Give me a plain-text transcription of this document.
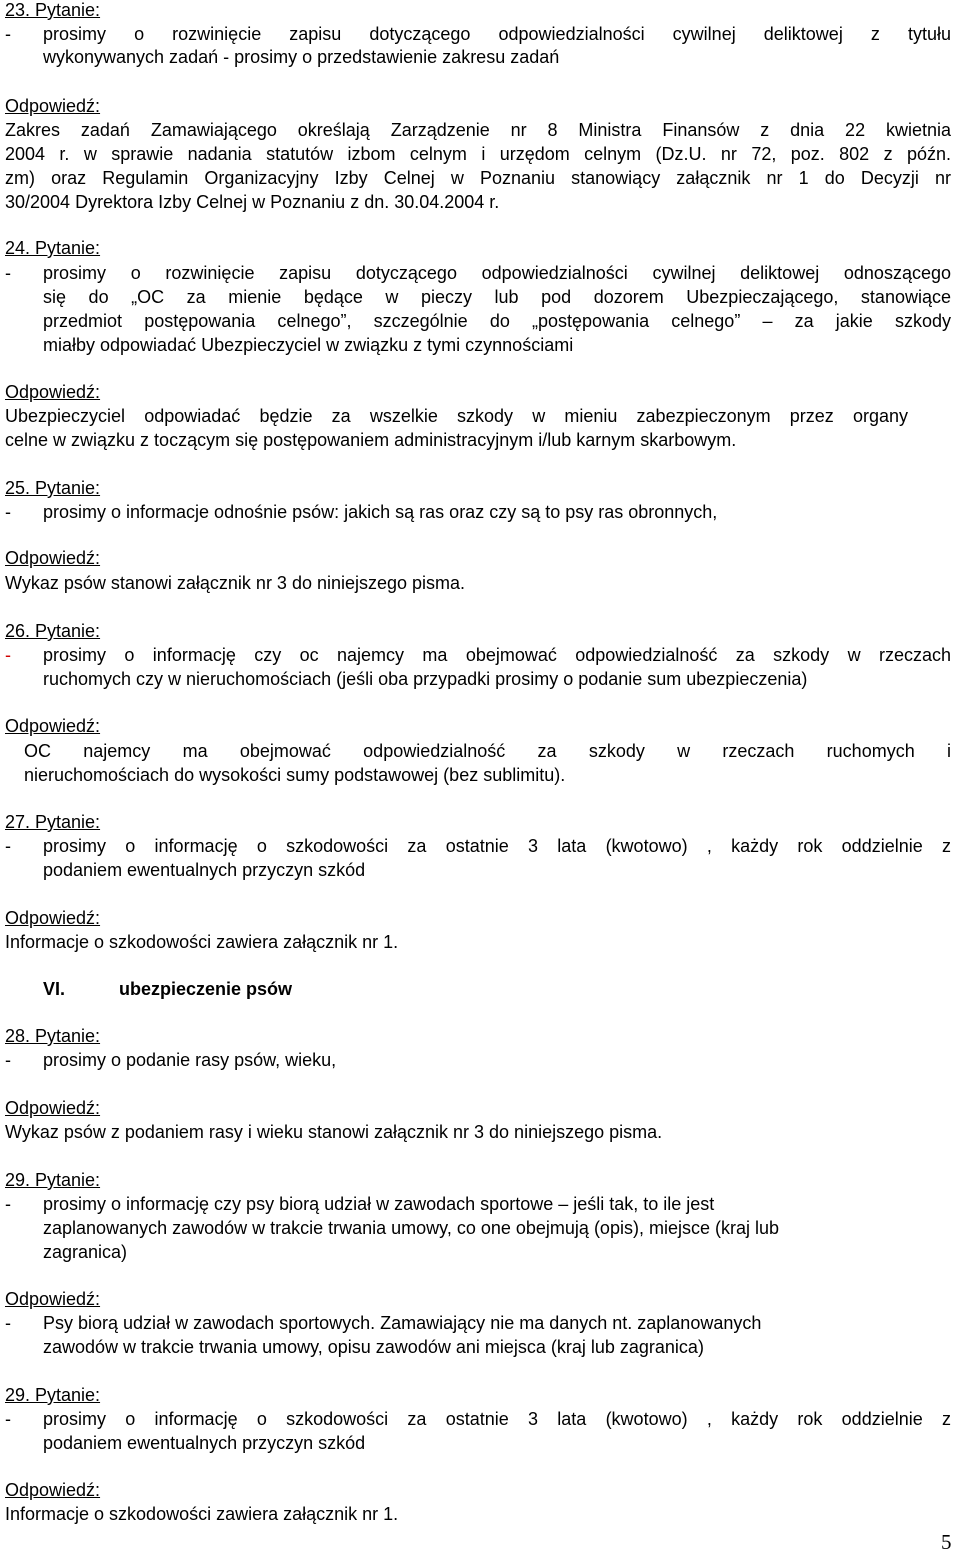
23. Pytanie:
- prosimy o rozwinięcie zapisu dotyczącego odpowiedzialności cywilnej deliktowej z tytułu
wykonywanych zadań - prosimy o przedstawienie zakresu zadań
Odpowiedź:
Zakres zadań Zamawiającego określają Zarządzenie nr 8 Ministra Finansów z dnia 22 kwietnia
2004 r. w sprawie nadania statutów izbom celnym i urzędom celnym (Dz.U. nr 72, poz. 802 z późn.
zm) oraz Regulamin Organizacyjny Izby Celnej w Poznaniu stanowiący załącznik nr 1 do Decyzji nr
30/2004 Dyrektora Izby Celnej w Poznaniu z dn. 30.04.2004 r.
24. Pytanie:
- prosimy o rozwinięcie zapisu dotyczącego odpowiedzialności cywilnej deliktowej odnoszącego
się do „OC za mienie będące w pieczy lub pod dozorem Ubezpieczającego, stanowiące
przedmiot postępowania celnego”, szczególnie do „postępowania celnego” – za jakie szkody
miałby odpowiadać Ubezpieczyciel w związku z tymi czynnościami
Odpowiedź:
Ubezpieczyciel odpowiadać będzie za wszelkie szkody w mieniu zabezpieczonym przez organy
celne w związku z toczącym się postępowaniem administracyjnym i/lub karnym skarbowym.
25. Pytanie:
- prosimy o informacje odnośnie psów: jakich są ras oraz czy są to psy ras obronnych,
Odpowiedź:
Wykaz psów stanowi załącznik nr 3 do niniejszego pisma.
26. Pytanie:
- prosimy o informację czy oc najemcy ma obejmować odpowiedzialność za szkody w rzeczach
ruchomych czy w nieruchomościach (jeśli oba przypadki prosimy o podanie sum ubezpieczenia)
Odpowiedź:
OC najemcy ma obejmować odpowiedzialność za szkody w rzeczach ruchomych i
nieruchomościach do wysokości sumy podstawowej (bez sublimitu).
27. Pytanie:
- prosimy o informację o szkodowości za ostatnie 3 lata (kwotowo) , każdy rok oddzielnie z
podaniem ewentualnych przyczyn szkód
Odpowiedź:
Informacje o szkodowości zawiera załącznik nr 1.
VI.	ubezpieczenie psów
28. Pytanie:
- prosimy o podanie rasy psów, wieku,
Odpowiedź:
Wykaz psów z podaniem rasy i wieku stanowi załącznik nr 3 do niniejszego pisma.
29. Pytanie:
- prosimy o informację czy psy biorą udział w zawodach sportowe – jeśli tak, to ile jest
zaplanowanych zawodów w trakcie trwania umowy, co one obejmują (opis), miejsce (kraj lub
zagranica)
Odpowiedź:
- Psy biorą udział w zawodach sportowych. Zamawiający nie ma danych nt. zaplanowanych
zawodów w trakcie trwania umowy, opisu zawodów ani miejsca (kraj lub zagranica)
29. Pytanie:
- prosimy o informację o szkodowości za ostatnie 3 lata (kwotowo) , każdy rok oddzielnie z
podaniem ewentualnych przyczyn szkód
Odpowiedź:
Informacje o szkodowości zawiera załącznik nr 1.
5
